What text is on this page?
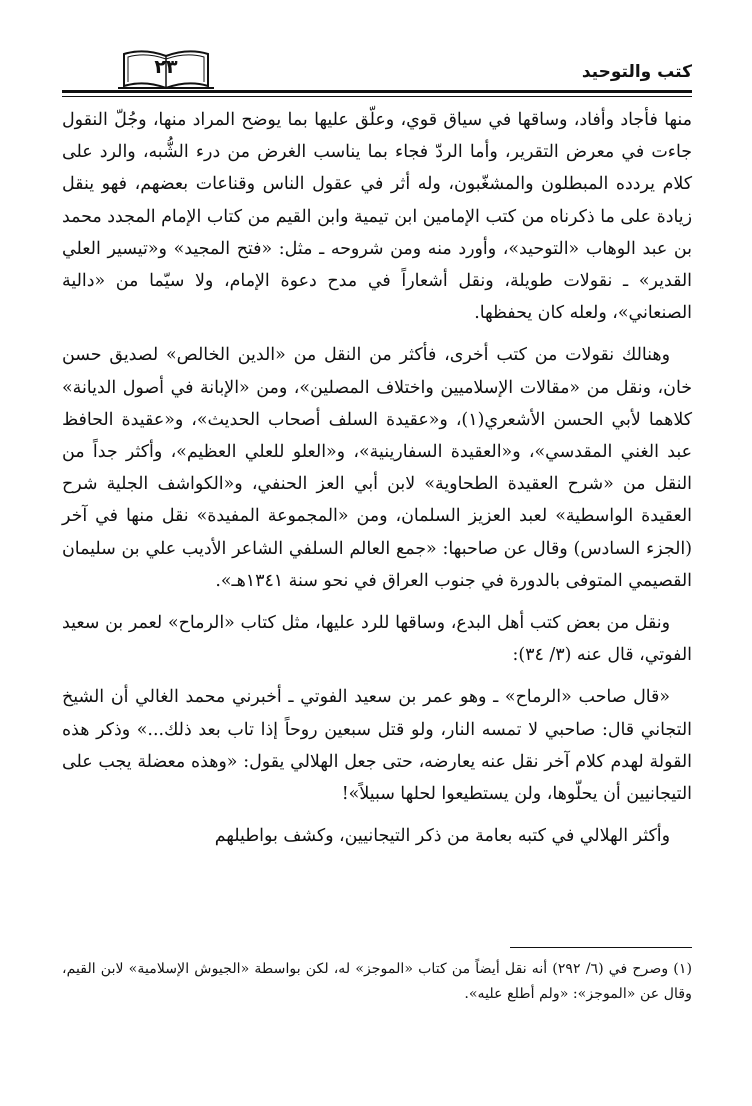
كتب والتوحيد
٢٣

منها فأجاد وأفاد، وساقها في سياق قوي، وعلّق عليها بما يوضح المراد منها، وجُلّ النقول جاءت في معرض التقرير، وأما الردّ فجاء بما يناسب الغرض من درء الشُّبه، والرد على كلام يردده المبطلون والمشغّبون، وله أثر في عقول الناس وقناعات بعضهم، فهو ينقل زيادة على ما ذكرناه من كتب الإمامين ابن تيمية وابن القيم من كتاب الإمام المجدد محمد بن عبد الوهاب «التوحيد»، وأورد منه ومن شروحه ـ مثل: «فتح المجيد» و«تيسير العلي القدير» ـ نقولات طويلة، ونقل أشعاراً في مدح دعوة الإمام، ولا سيّما من «دالية الصنعاني»، ولعله كان يحفظها.

وهنالك نقولات من كتب أخرى، فأكثر من النقل من «الدين الخالص» لصديق حسن خان، ونقل من «مقالات الإسلاميين واختلاف المصلين»، ومن «الإبانة في أصول الديانة» كلاهما لأبي الحسن الأشعري(١)، و«عقيدة السلف أصحاب الحديث»، و«عقيدة الحافظ عبد الغني المقدسي»، و«العقيدة السفارينية»، و«العلو للعلي العظيم»، وأكثر جداً من النقل من «شرح العقيدة الطحاوية» لابن أبي العز الحنفي، و«الكواشف الجلية شرح العقيدة الواسطية» لعبد العزيز السلمان، ومن «المجموعة المفيدة» نقل منها في آخر (الجزء السادس) وقال عن صاحبها: «جمع العالم السلفي الشاعر الأديب علي بن سليمان القصيمي المتوفى بالدورة في جنوب العراق في نحو سنة ١٣٤١هـ».

ونقل من بعض كتب أهل البدع، وساقها للرد عليها، مثل كتاب «الرماح» لعمر بن سعيد الفوتي، قال عنه (٣/ ٣٤):

«قال صاحب «الرماح» ـ وهو عمر بن سعيد الفوتي ـ أخبرني محمد الغالي أن الشيخ التجاني قال: صاحبي لا تمسه النار، ولو قتل سبعين روحاً إذا تاب بعد ذلك...» وذكر هذه القولة لهدم كلام آخر نقل عنه يعارضه، حتى جعل الهلالي يقول: «وهذه معضلة يجب على التيجانيين أن يحلّوها، ولن يستطيعوا لحلها سبيلاً»!

وأكثر الهلالي في كتبه بعامة من ذكر التيجانيين، وكشف بواطيلهم

(١) وصرح في (٦/ ٢٩٢) أنه نقل أيضاً من كتاب «الموجز» له، لكن بواسطة «الجيوش الإسلامية» لابن القيم، وقال عن «الموجز»: «ولم أطلع عليه».
